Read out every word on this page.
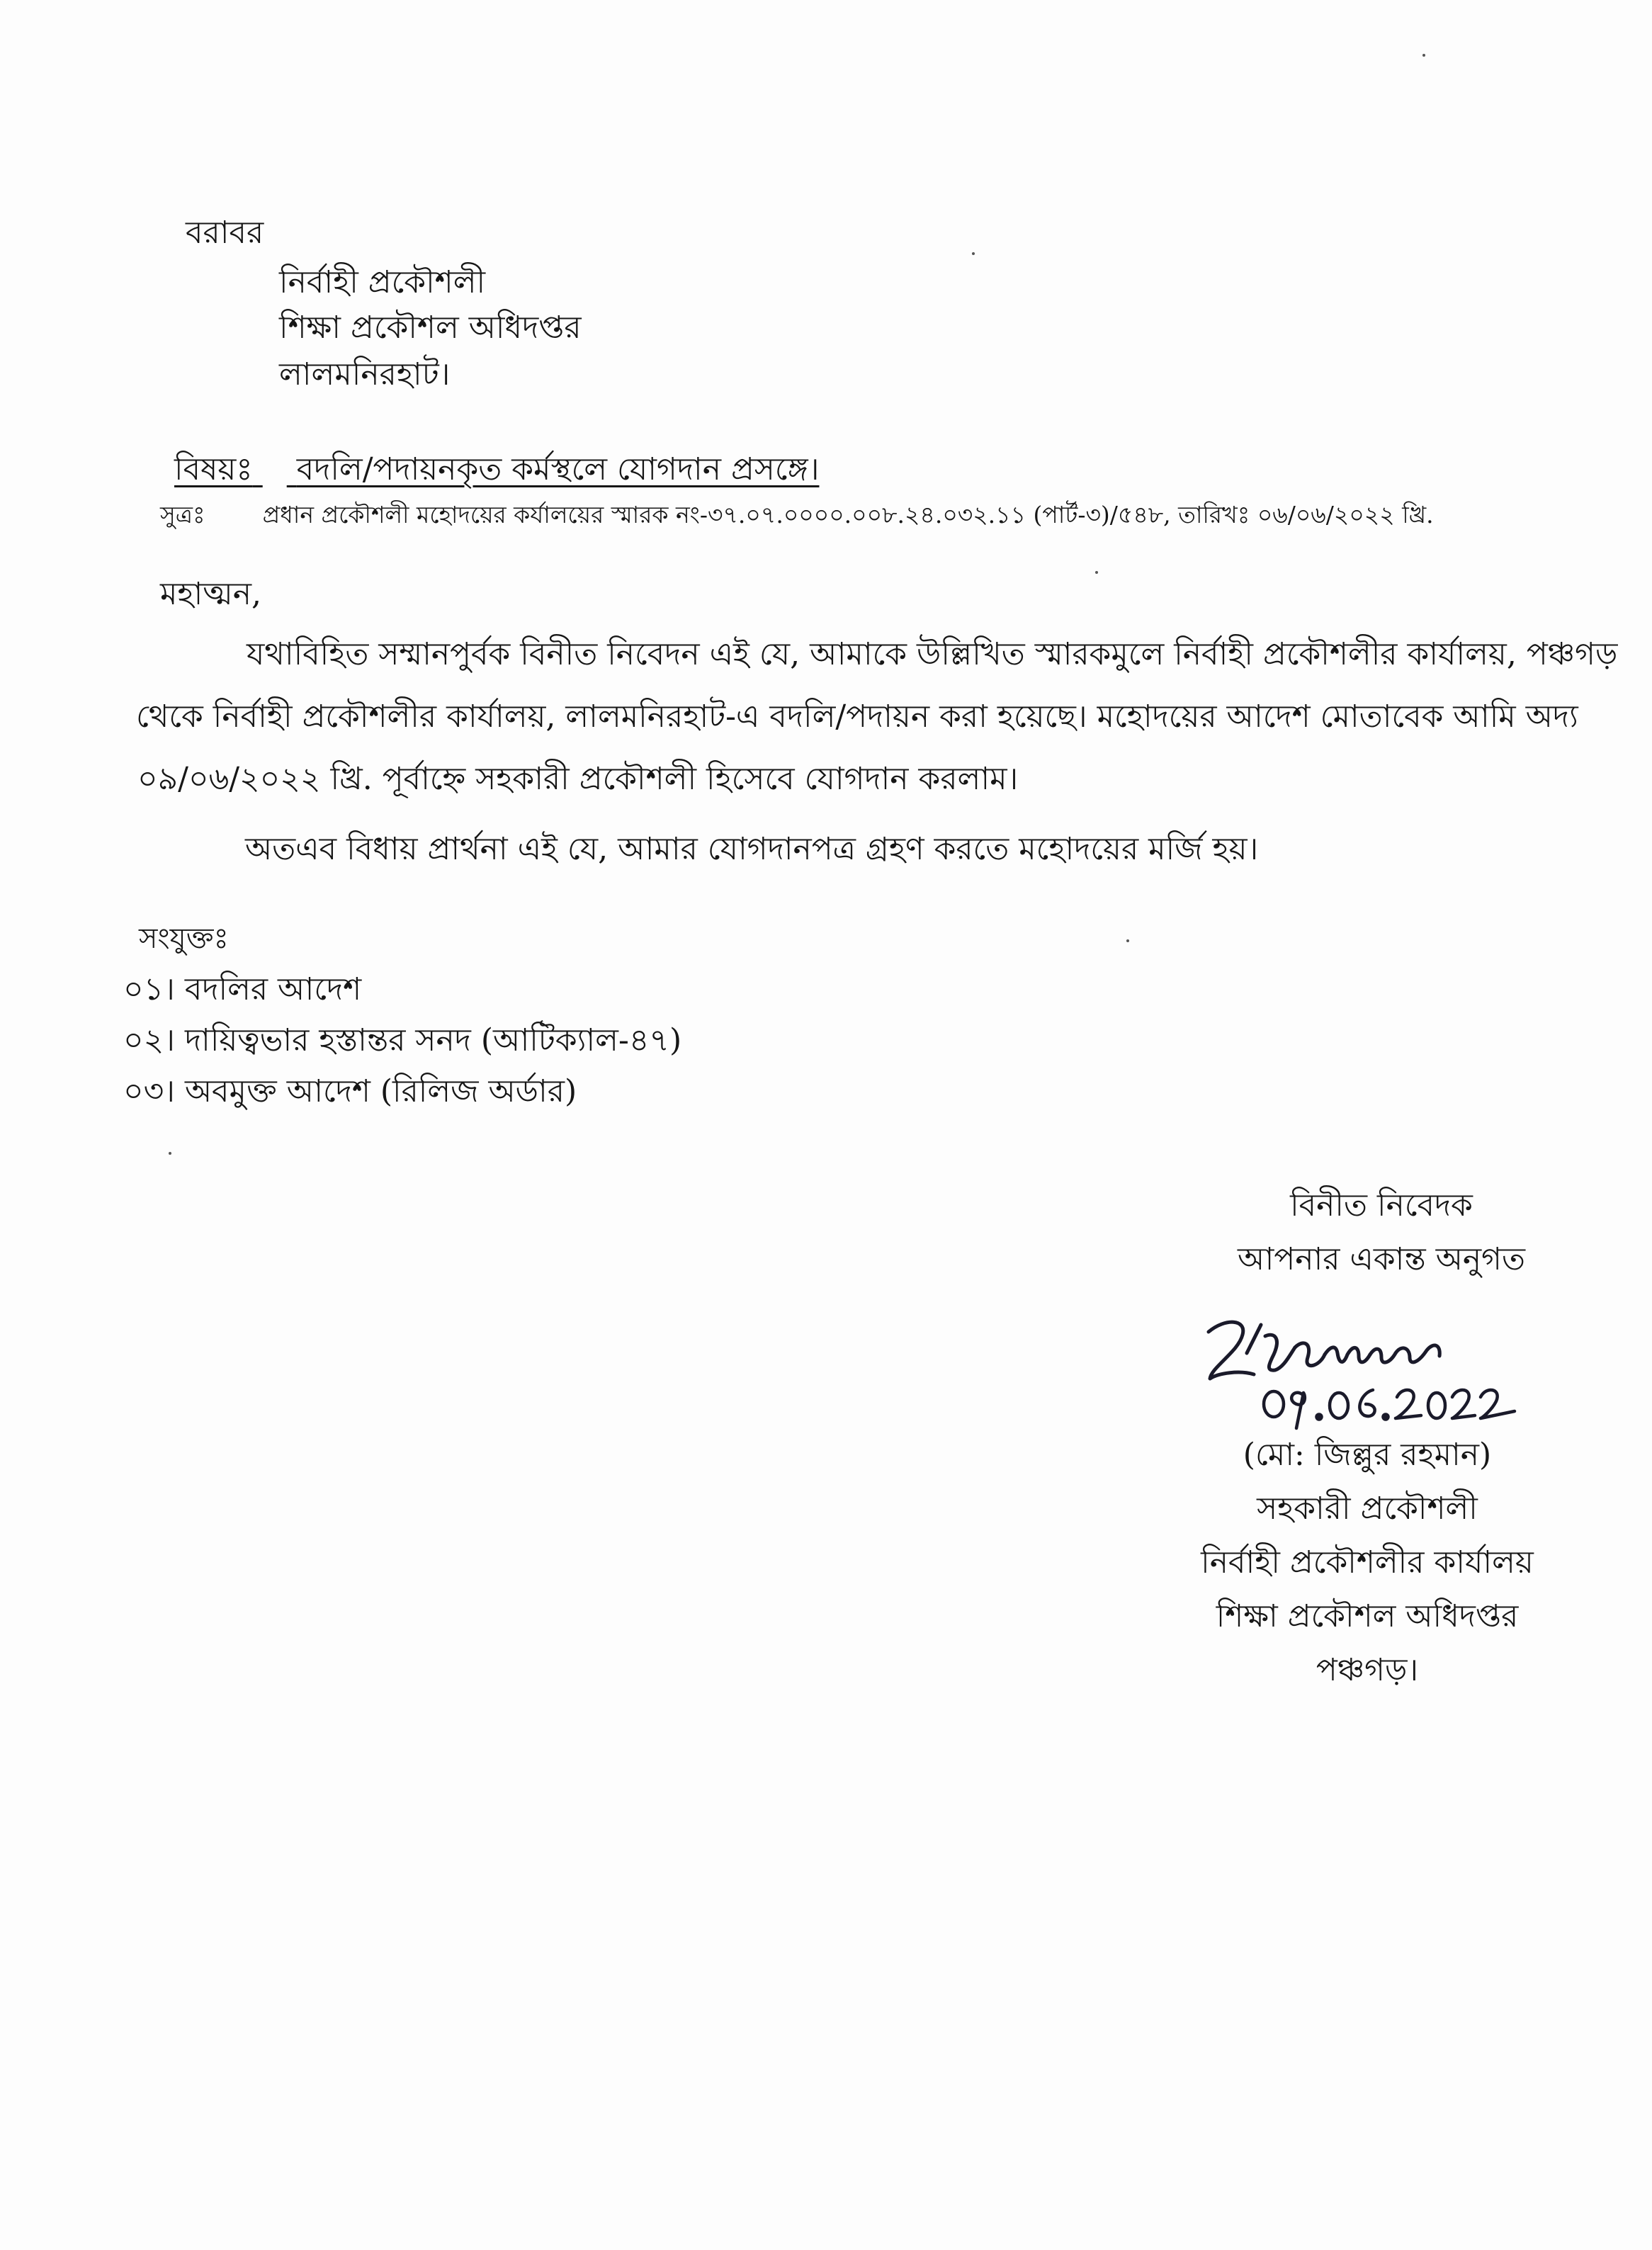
বরাবর
নির্বাহী প্রকৌশলী
শিক্ষা প্রকৌশল অধিদপ্তর
লালমনিরহাট।
বিষয়ঃ বদলি/পদায়নকৃত কর্মস্থলে যোগদান প্রসঙ্গে।
সুত্রঃ প্রধান প্রকৌশলী মহোদয়ের কর্যালয়ের স্মারক নং-৩৭.০৭.০০০০.০০৮.২৪.০৩২.১১ (পার্ট-৩)/৫৪৮, তারিখঃ ০৬/০৬/২০২২ খ্রি.
মহাত্মন,
যথাবিহিত সম্মানপুর্বক বিনীত নিবেদন এই যে, আমাকে উল্লিখিত স্মারকমুলে নির্বাহী প্রকৌশলীর কার্যালয়, পঞ্চগড়
থেকে নির্বাহী প্রকৌশলীর কার্যালয়, লালমনিরহাট-এ বদলি/পদায়ন করা হয়েছে। মহোদয়ের আদেশ মোতাবেক আমি অদ্য
০৯/০৬/২০২২ খ্রি. পূর্বাহ্নে সহকারী প্রকৌশলী হিসেবে যোগদান করলাম।
অতএব বিধায় প্রার্থনা এই যে, আমার যোগদানপত্র গ্রহণ করতে মহোদয়ের মর্জি হয়।
সংযুক্তঃ
০১। বদলির আদেশ
০২। দায়িত্বভার হস্তান্তর সনদ (আটিক্যাল-৪৭)
০৩। অবমুক্ত আদেশ (রিলিজ অর্ডার)
বিনীত নিবেদক
আপনার একান্ত অনুগত
(মো: জিল্লুর রহমান)
সহকারী প্রকৌশলী
নির্বাহী প্রকৌশলীর কার্যালয়
শিক্ষা প্রকৌশল অধিদপ্তর
পঞ্চগড়।
